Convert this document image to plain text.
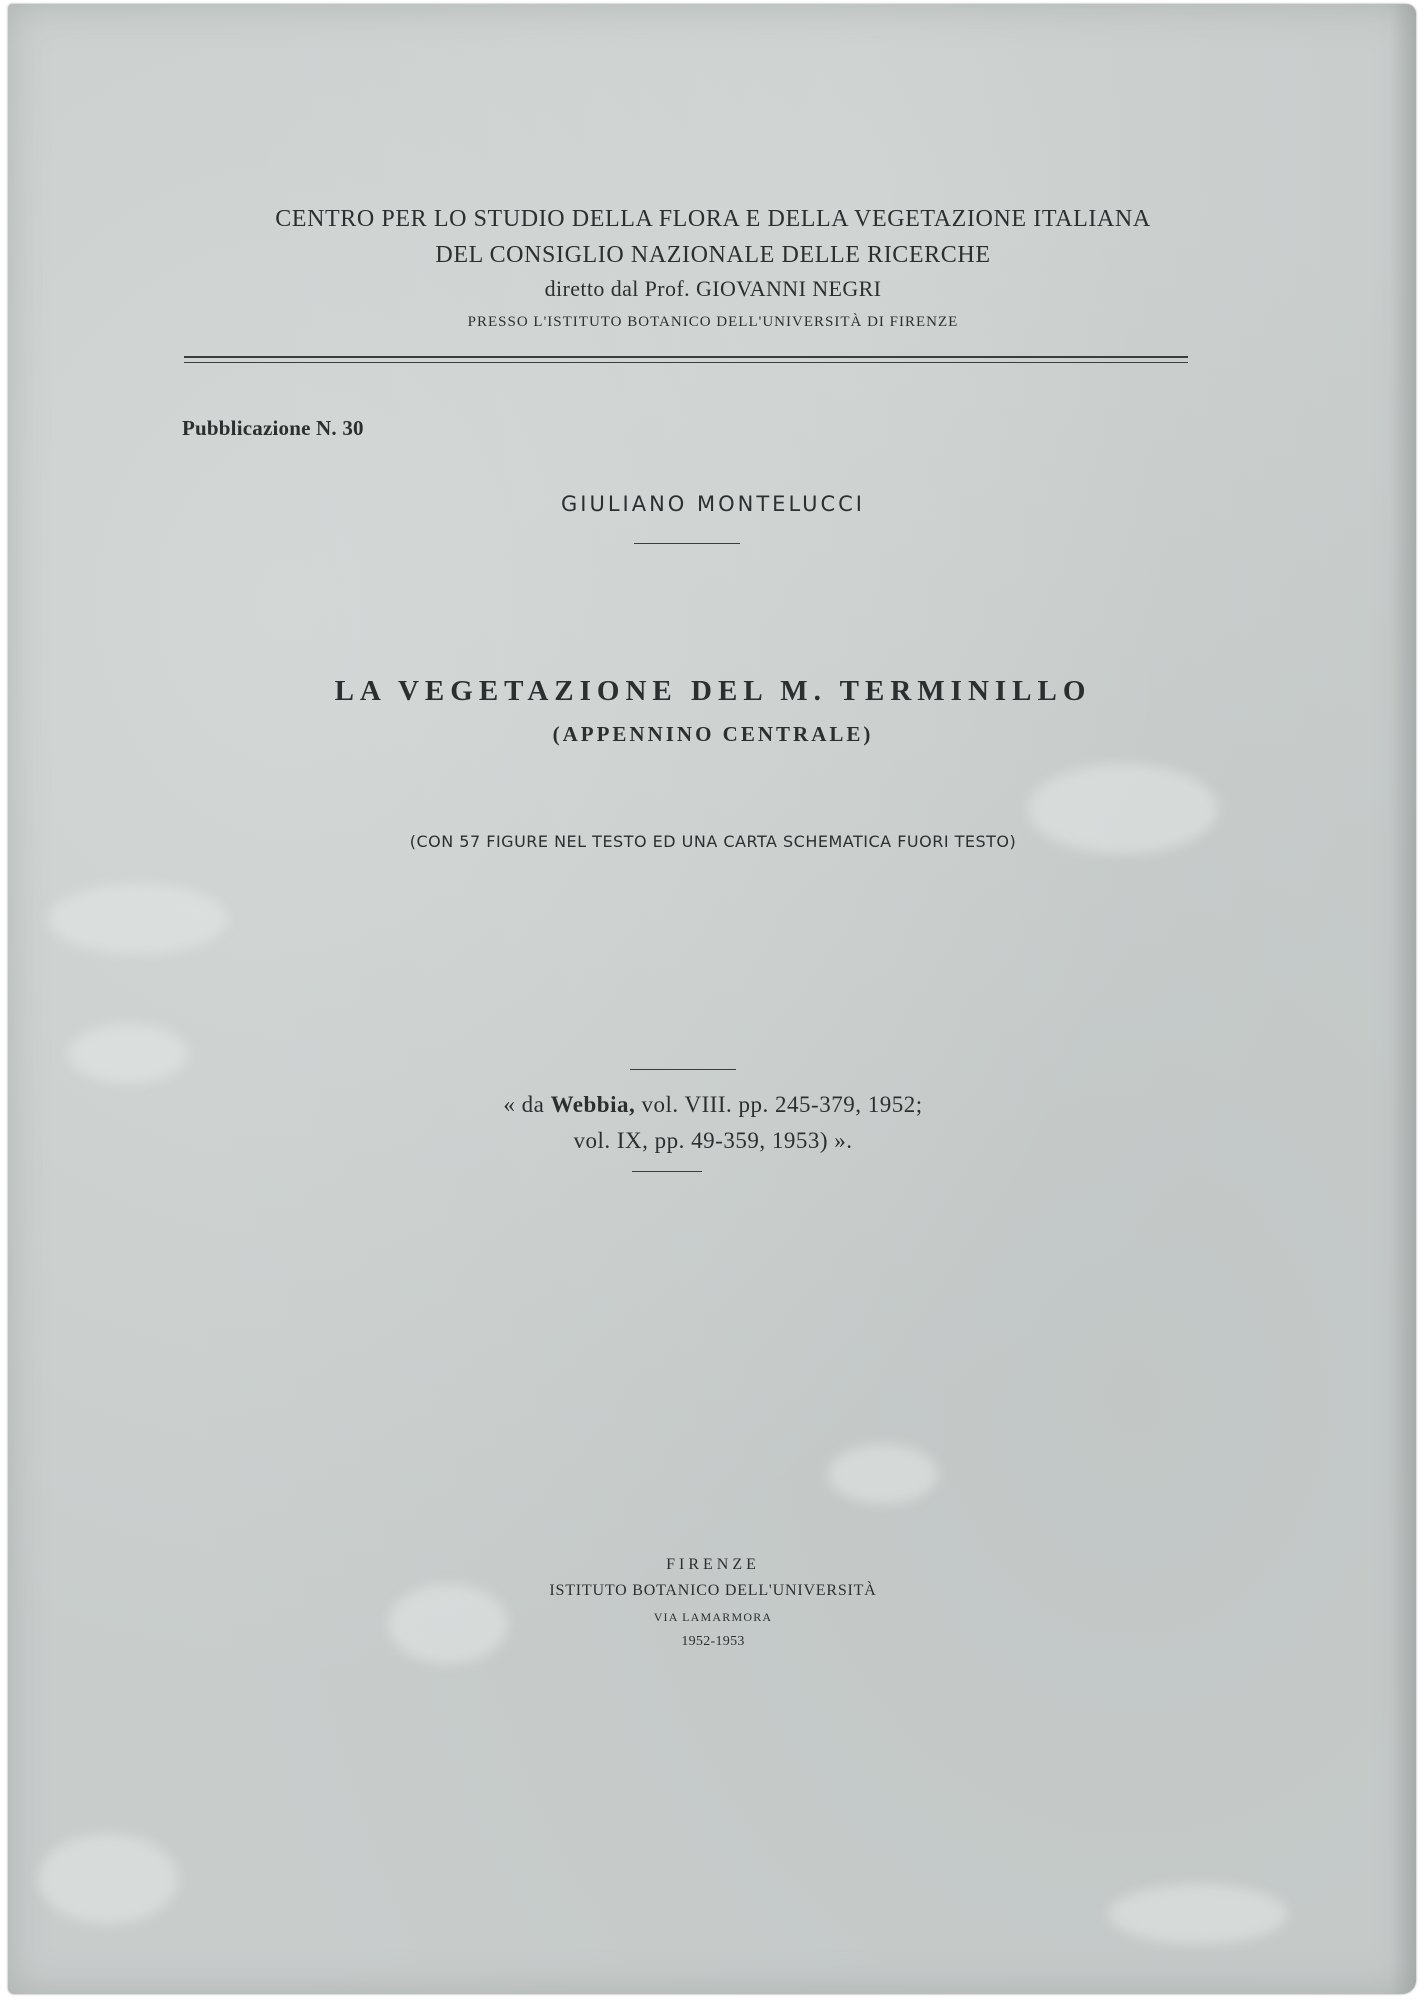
CENTRO PER LO STUDIO DELLA FLORA E DELLA VEGETAZIONE ITALIANA
DEL CONSIGLIO NAZIONALE DELLE RICERCHE
diretto dal Prof. GIOVANNI NEGRI
PRESSO L'ISTITUTO BOTANICO DELL'UNIVERSITÀ DI FIRENZE
Pubblicazione N. 30
GIULIANO MONTELUCCI
LA VEGETAZIONE DEL M. TERMINILLO
(APPENNINO CENTRALE)
(CON 57 FIGURE NEL TESTO ED UNA CARTA SCHEMATICA FUORI TESTO)
« da Webbia, vol. VIII. pp. 245-379, 1952;
vol. IX, pp. 49-359, 1953) ».
FIRENZE
ISTITUTO BOTANICO DELL'UNIVERSITÀ
VIA LAMARMORA
1952-1953
